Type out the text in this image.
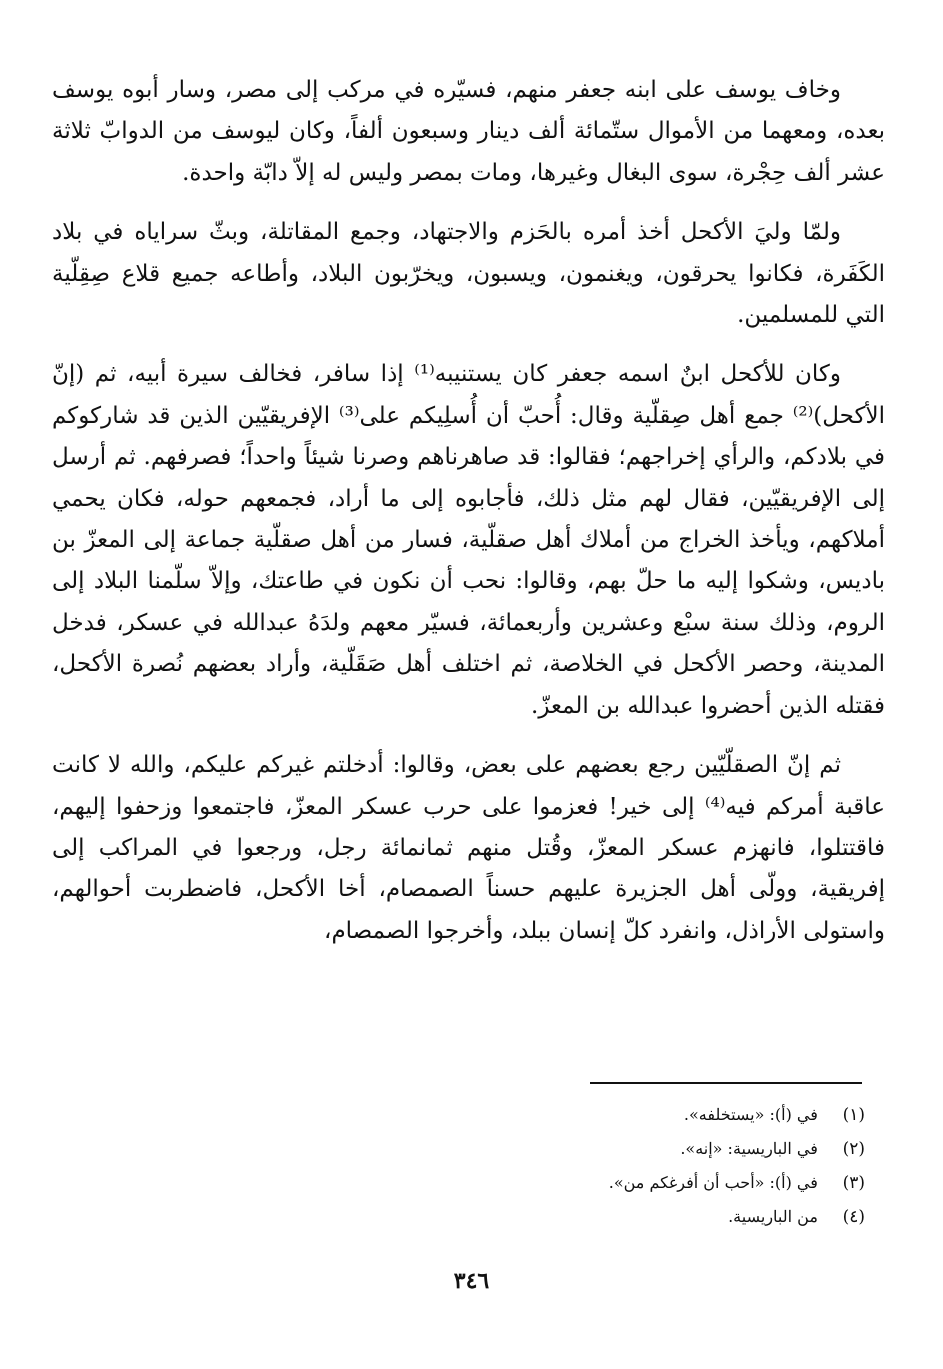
وخاف يوسف على ابنه جعفر منهم، فسيّره في مركب إلى مصر، وسار أبوه يوسف بعده، ومعهما من الأموال ستّمائة ألف دينار وسبعون ألفاً، وكان ليوسف من الدوابّ ثلاثة عشر ألف حِجْرة، سوى البغال وغيرها، ومات بمصر وليس له إلاّ دابّة واحدة.

ولمّا وليَ الأكحل أخذ أمره بالحَزم والاجتهاد، وجمع المقاتلة، وبثّ سراياه في بلاد الكَفَرة، فكانوا يحرقون، ويغنمون، ويسبون، ويخرّبون البلاد، وأطاعه جميع قلاع صِقِلّية التي للمسلمين.

وكان للأكحل ابنٌ اسمه جعفر كان يستنيبه⁽¹⁾ إذا سافر، فخالف سيرة أبيه، ثم (إنّ الأكحل)⁽²⁾ جمع أهل صِقلّية وقال: أُحبّ أن أُسلِيكم على⁽³⁾ الإفريقيّين الذين قد شاركوكم في بلادكم، والرأي إخراجهم؛ فقالوا: قد صاهرناهم وصرنا شيئاً واحداً؛ فصرفهم. ثم أرسل إلى الإفريقيّين، فقال لهم مثل ذلك، فأجابوه إلى ما أراد، فجمعهم حوله، فكان يحمي أملاكهم، ويأخذ الخراج من أملاك أهل صقلّية، فسار من أهل صقلّية جماعة إلى المعزّ بن باديس، وشكوا إليه ما حلّ بهم، وقالوا: نحب أن نكون في طاعتك، وإلاّ سلّمنا البلاد إلى الروم، وذلك سنة سبْع وعشرين وأربعمائة، فسيّر معهم ولدَهُ عبدالله في عسكر، فدخل المدينة، وحصر الأكحل في الخلاصة، ثم اختلف أهل صَقَلّية، وأراد بعضهم نُصرة الأكحل، فقتله الذين أحضروا عبدالله بن المعزّ.

ثم إنّ الصقلّيّين رجع بعضهم على بعض، وقالوا: أدخلتم غيركم عليكم، والله لا كانت عاقبة أمركم فيه⁽⁴⁾ إلى خير! فعزموا على حرب عسكر المعزّ، فاجتمعوا وزحفوا إليهم، فاقتتلوا، فانهزم عسكر المعزّ، وقُتل منهم ثمانمائة رجل، ورجعوا في المراكب إلى إفريقية، وولّى أهل الجزيرة عليهم حسناً الصمصام، أخا الأكحل، فاضطربت أحوالهم، واستولى الأراذل، وانفرد كلّ إنسان ببلد، وأخرجوا الصمصام،

(١) في (أ): «يستخلفه».
(٢) في الباريسية: «إنه».
(٣) في (أ): «أحب أن أفرغكم من».
(٤) من الباريسية.
٣٤٦
